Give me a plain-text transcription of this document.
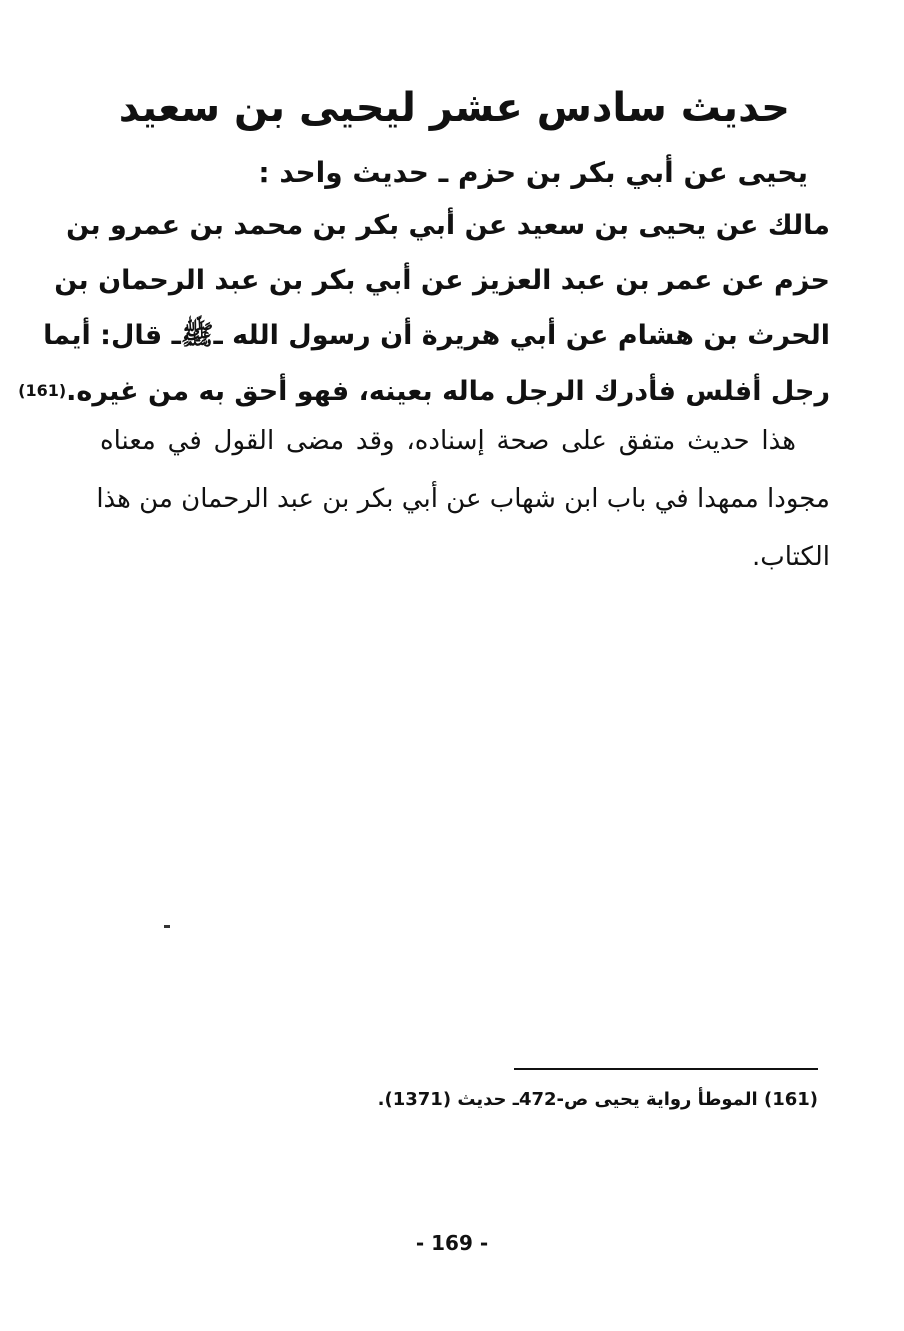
حديث سادس عشر ليحيى بن سعيد
يحيى عن أبي بكر بن حزم ـ حديث واحد :
مالك عن يحيى بن سعيد عن أبي بكر بن محمد بن عمرو بن
حزم عن عمر بن عبد العزيز عن أبي بكر بن عبد الرحمان بن
الحرث بن هشام عن أبي هريرة أن رسول الله ـﷺـ قال: أيما
رجل أفلس فأدرك الرجل ماله بعينه، فهو أحق به من غيره.$^{(161)}$
هذا حديث متفق على صحة إسناده، وقد مضى القول في معناه
مجودا ممهدا في باب ابن شهاب عن أبي بكر بن عبد الرحمان من هذا
الكتاب.
(161) الموطأ رواية يحيى ص-472ـ حديث (1371).
- 169 -
